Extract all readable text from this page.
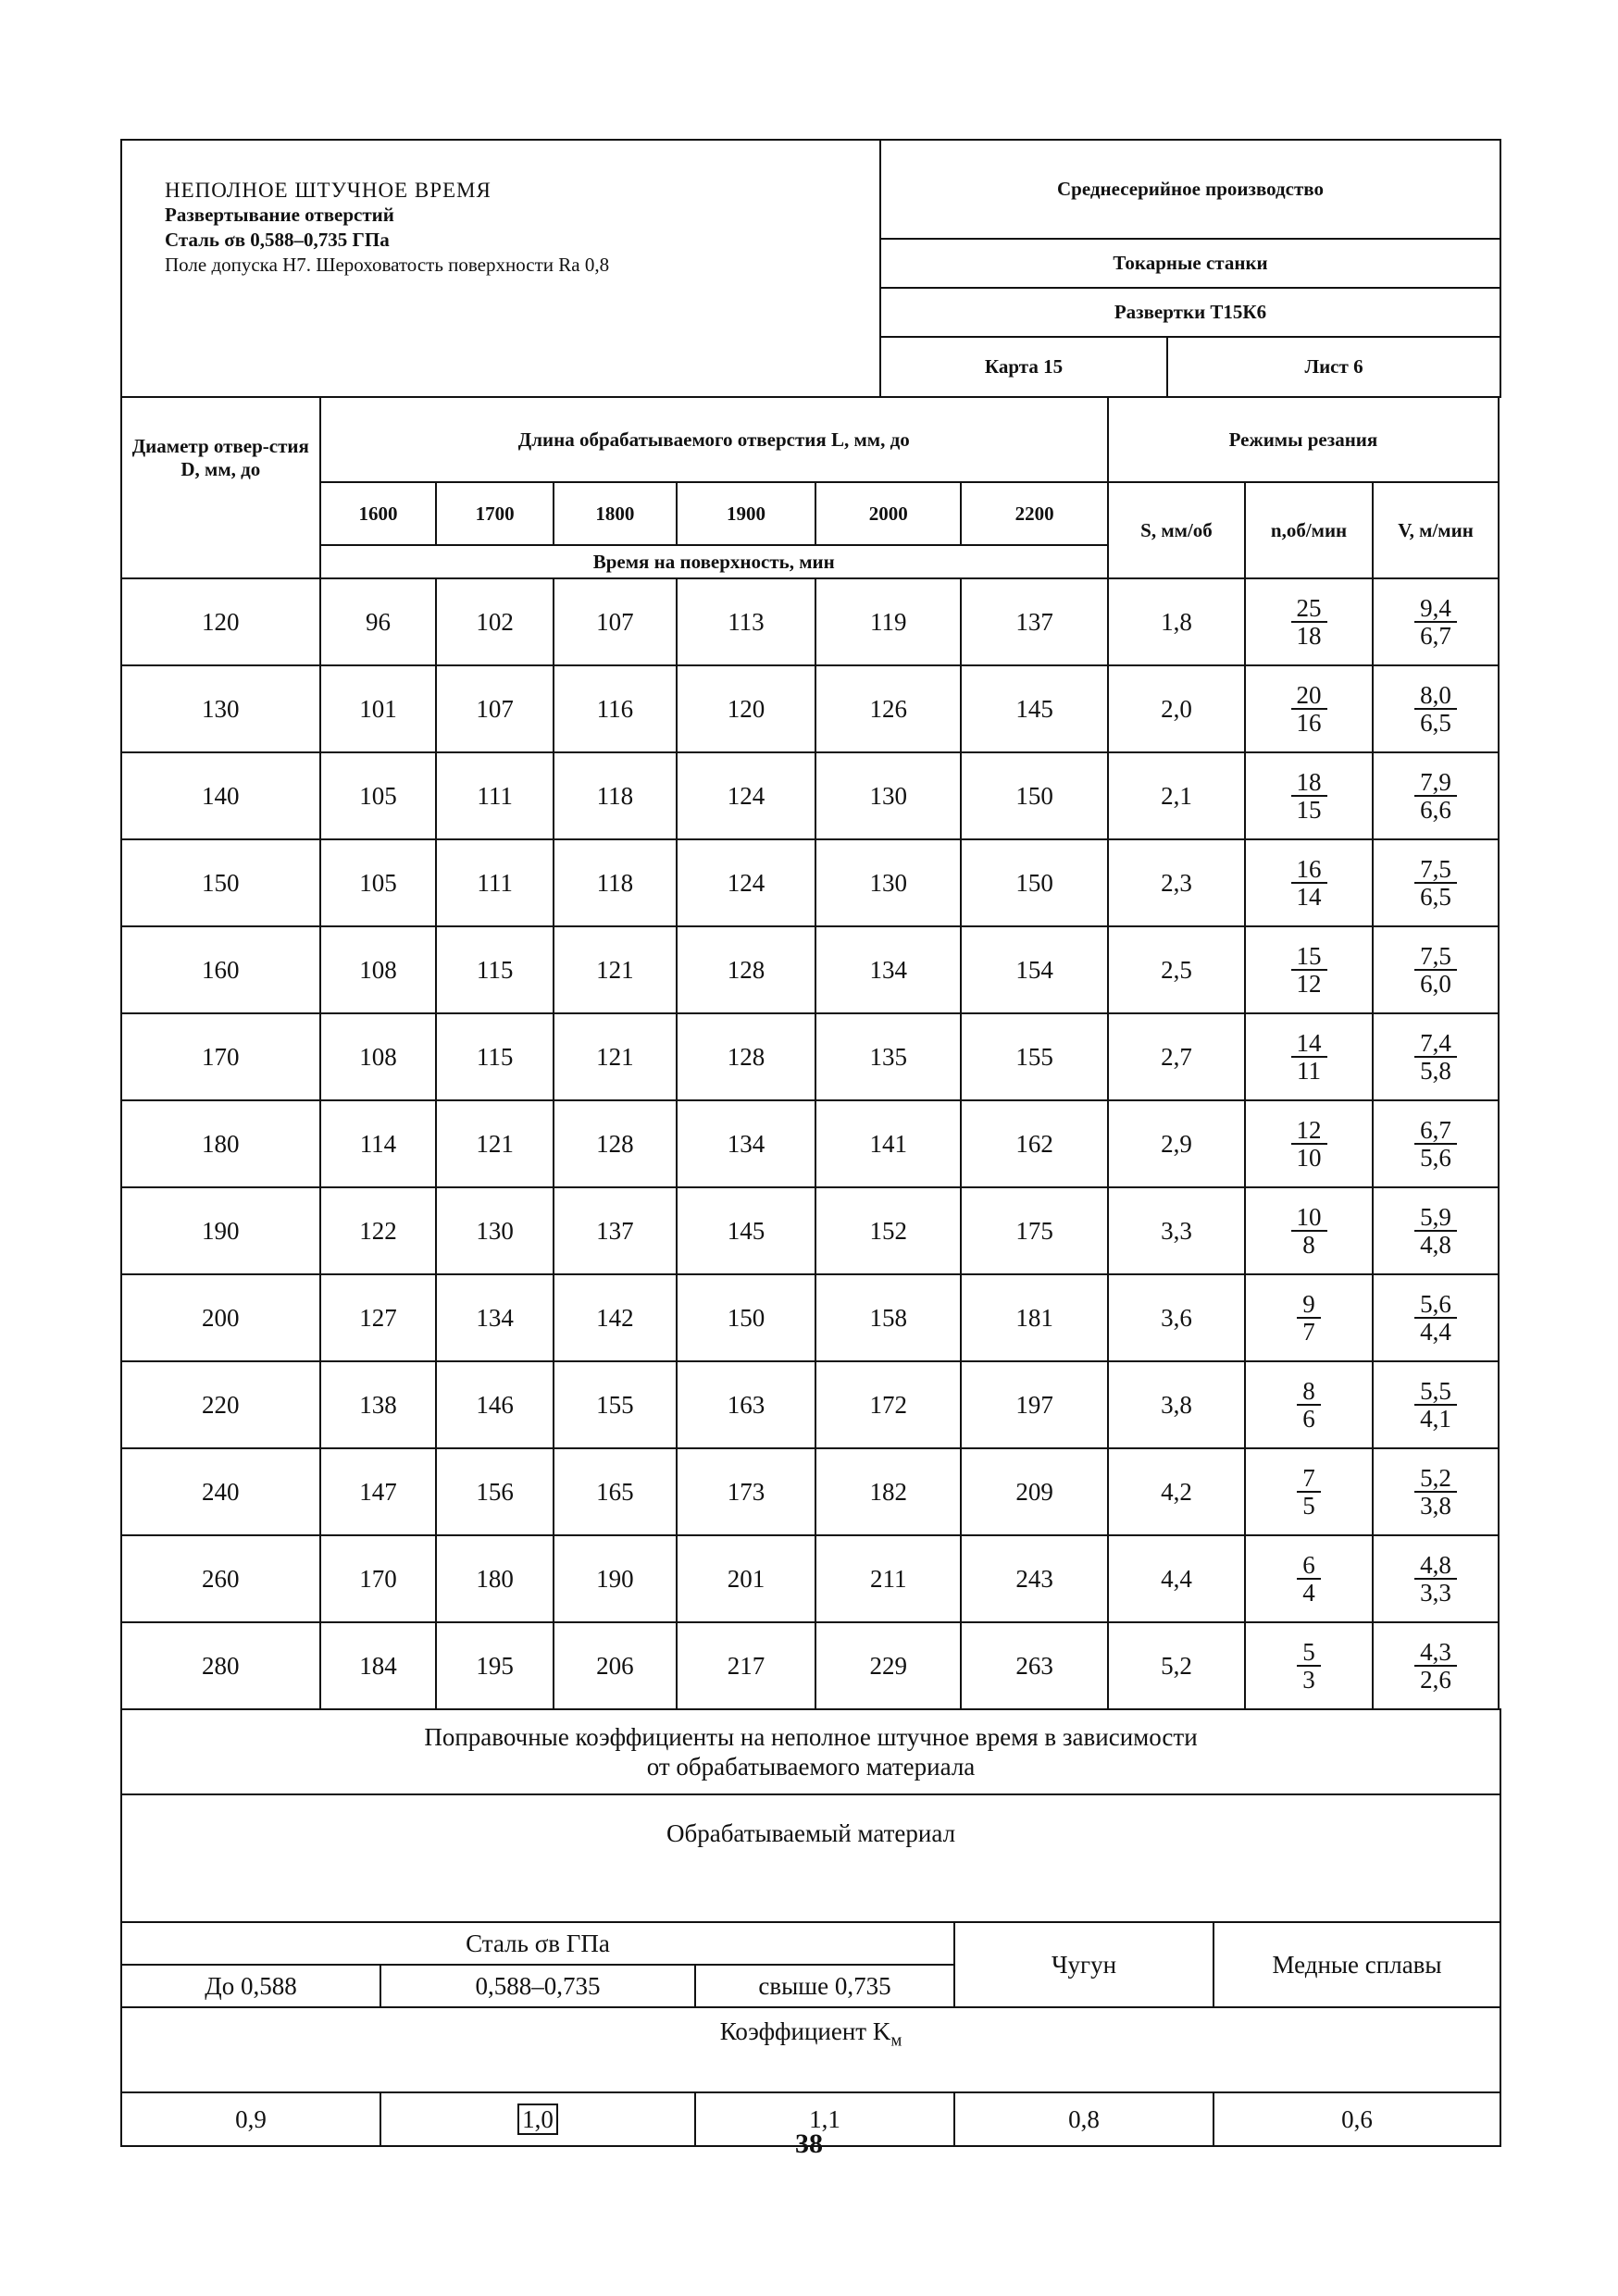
НЕПОЛНОЕ ШТУЧНОЕ ВРЕМЯ
Развертывание отверстий
Сталь σв 0,588–0,735 ГПа
Поле допуска Н7. Шероховатость поверхности Ra 0,8	Среднесерийное производство	
	Токарные станки	
	Развертки Т15К6	
	Карта 15	Лист 6
Диаметр отвер-стия D, мм, до	Длина обрабатываемого отверстия L, мм, до						Режимы резания		
	1600	1700	1800	1900	2000	2200	S, мм/об	n,об/мин	V, м/мин
	Время на поверхность, мин								
120	96	102	107	113	119	137	1,8	$\frac{25}{18}$	$\frac{9,4}{6,7}$

130	101	107	116	120	126	145	2,0	$\frac{20}{16}$	$\frac{8,0}{6,5}$

140	105	111	118	124	130	150	2,1	$\frac{18}{15}$	$\frac{7,9}{6,6}$

150	105	111	118	124	130	150	2,3	$\frac{16}{14}$	$\frac{7,5}{6,5}$

160	108	115	121	128	134	154	2,5	$\frac{15}{12}$	$\frac{7,5}{6,0}$

170	108	115	121	128	135	155	2,7	$\frac{14}{11}$	$\frac{7,4}{5,8}$

180	114	121	128	134	141	162	2,9	$\frac{12}{10}$	$\frac{6,7}{5,6}$

190	122	130	137	145	152	175	3,3	$\frac{10}{8}$	$\frac{5,9}{4,8}$

200	127	134	142	150	158	181	3,6	$\frac{9}{7}$	$\frac{5,6}{4,4}$

220	138	146	155	163	172	197	3,8	$\frac{8}{6}$	$\frac{5,5}{4,1}$

240	147	156	165	173	182	209	4,2	$\frac{7}{5}$	$\frac{5,2}{3,8}$

260	170	180	190	201	211	243	4,4	$\frac{6}{4}$	$\frac{4,8}{3,3}$

280	184	195	206	217	229	263	5,2	$\frac{5}{3}$	$\frac{4,3}{2,6}$
Поправочные коэффициенты на неполное штучное время в зависимости
от обрабатываемого материала				

Обрабатываемый материал				
Сталь σв ГПа			Чугун	Медные сплавы
До 0,588	0,588–0,735	свыше 0,735		
Коэффициент $K_м$
0,9	1,0	1,1	0,8	0,6
38
